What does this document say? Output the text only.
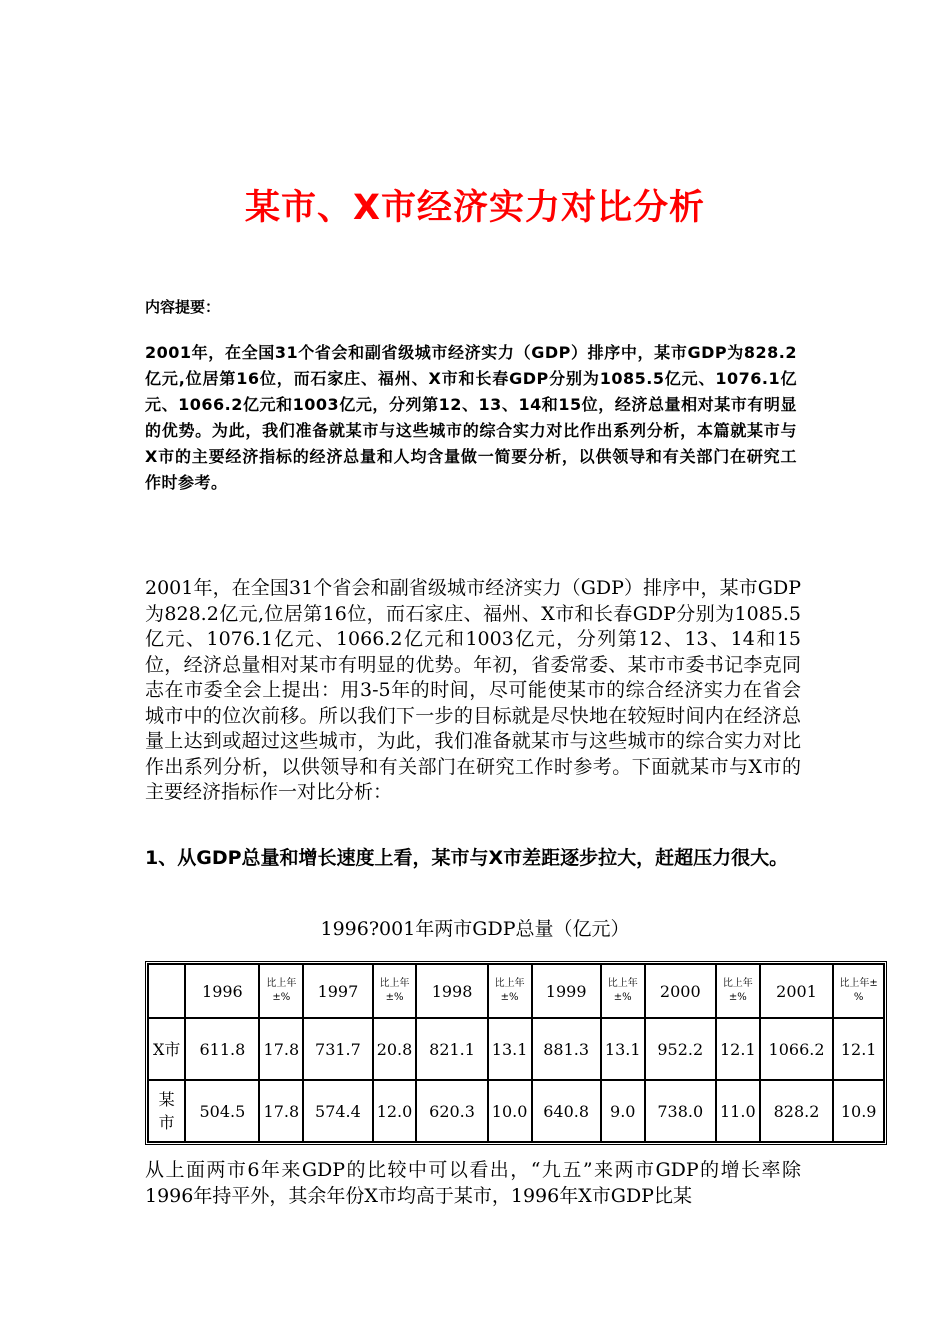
某市、X市经济实力对比分析
内容提要：
2001年，在全国31个省会和副省级城市经济实力（GDP）排序中，某市GDP为828.2亿元,位居第16位，而石家庄、福州、X市和长春GDP分别为1085.5亿元、1076.1亿元、1066.2亿元和1003亿元，分列第12、13、14和15位，经济总量相对某市有明显的优势。为此，我们准备就某市与这些城市的综合实力对比作出系列分析，本篇就某市与X市的主要经济指标的经济总量和人均含量做一简要分析，以供领导和有关部门在研究工作时参考。
2001年，在全国31个省会和副省级城市经济实力（GDP）排序中，某市GDP为828.2亿元,位居第16位，而石家庄、福州、X市和长春GDP分别为1085.5亿元、1076.1亿元、1066.2亿元和1003亿元，分列第12、13、14和15位，经济总量相对某市有明显的优势。年初，省委常委、某市市委书记李克同志在市委全会上提出：用3-5年的时间，尽可能使某市的综合经济实力在省会城市中的位次前移。所以我们下一步的目标就是尽快地在较短时间内在经济总量上达到或超过这些城市，为此，我们准备就某市与这些城市的综合实力对比作出系列分析，以供领导和有关部门在研究工作时参考。下面就某市与X市的主要经济指标作一对比分析：
1、从GDP总量和增长速度上看，某市与X市差距逐步拉大，赶超压力很大。
1996?001年两市GDP总量（亿元）
	1996	比上年±%	1997	比上年±%	1998	比上年±%	1999	比上年±%	2000	比上年±%	2001	比上年±%
X市	611.8	17.8	731.7	20.8	821.1	13.1	881.3	13.1	952.2	12.1	1066.2	12.1
某市	504.5	17.8	574.4	12.0	620.3	10.0	640.8	9.0	738.0	11.0	828.2	10.9
从上面两市6年来GDP的比较中可以看出，“九五”来两市GDP的增长率除1996年持平外，其余年份X市均高于某市，1996年X市GDP比某
